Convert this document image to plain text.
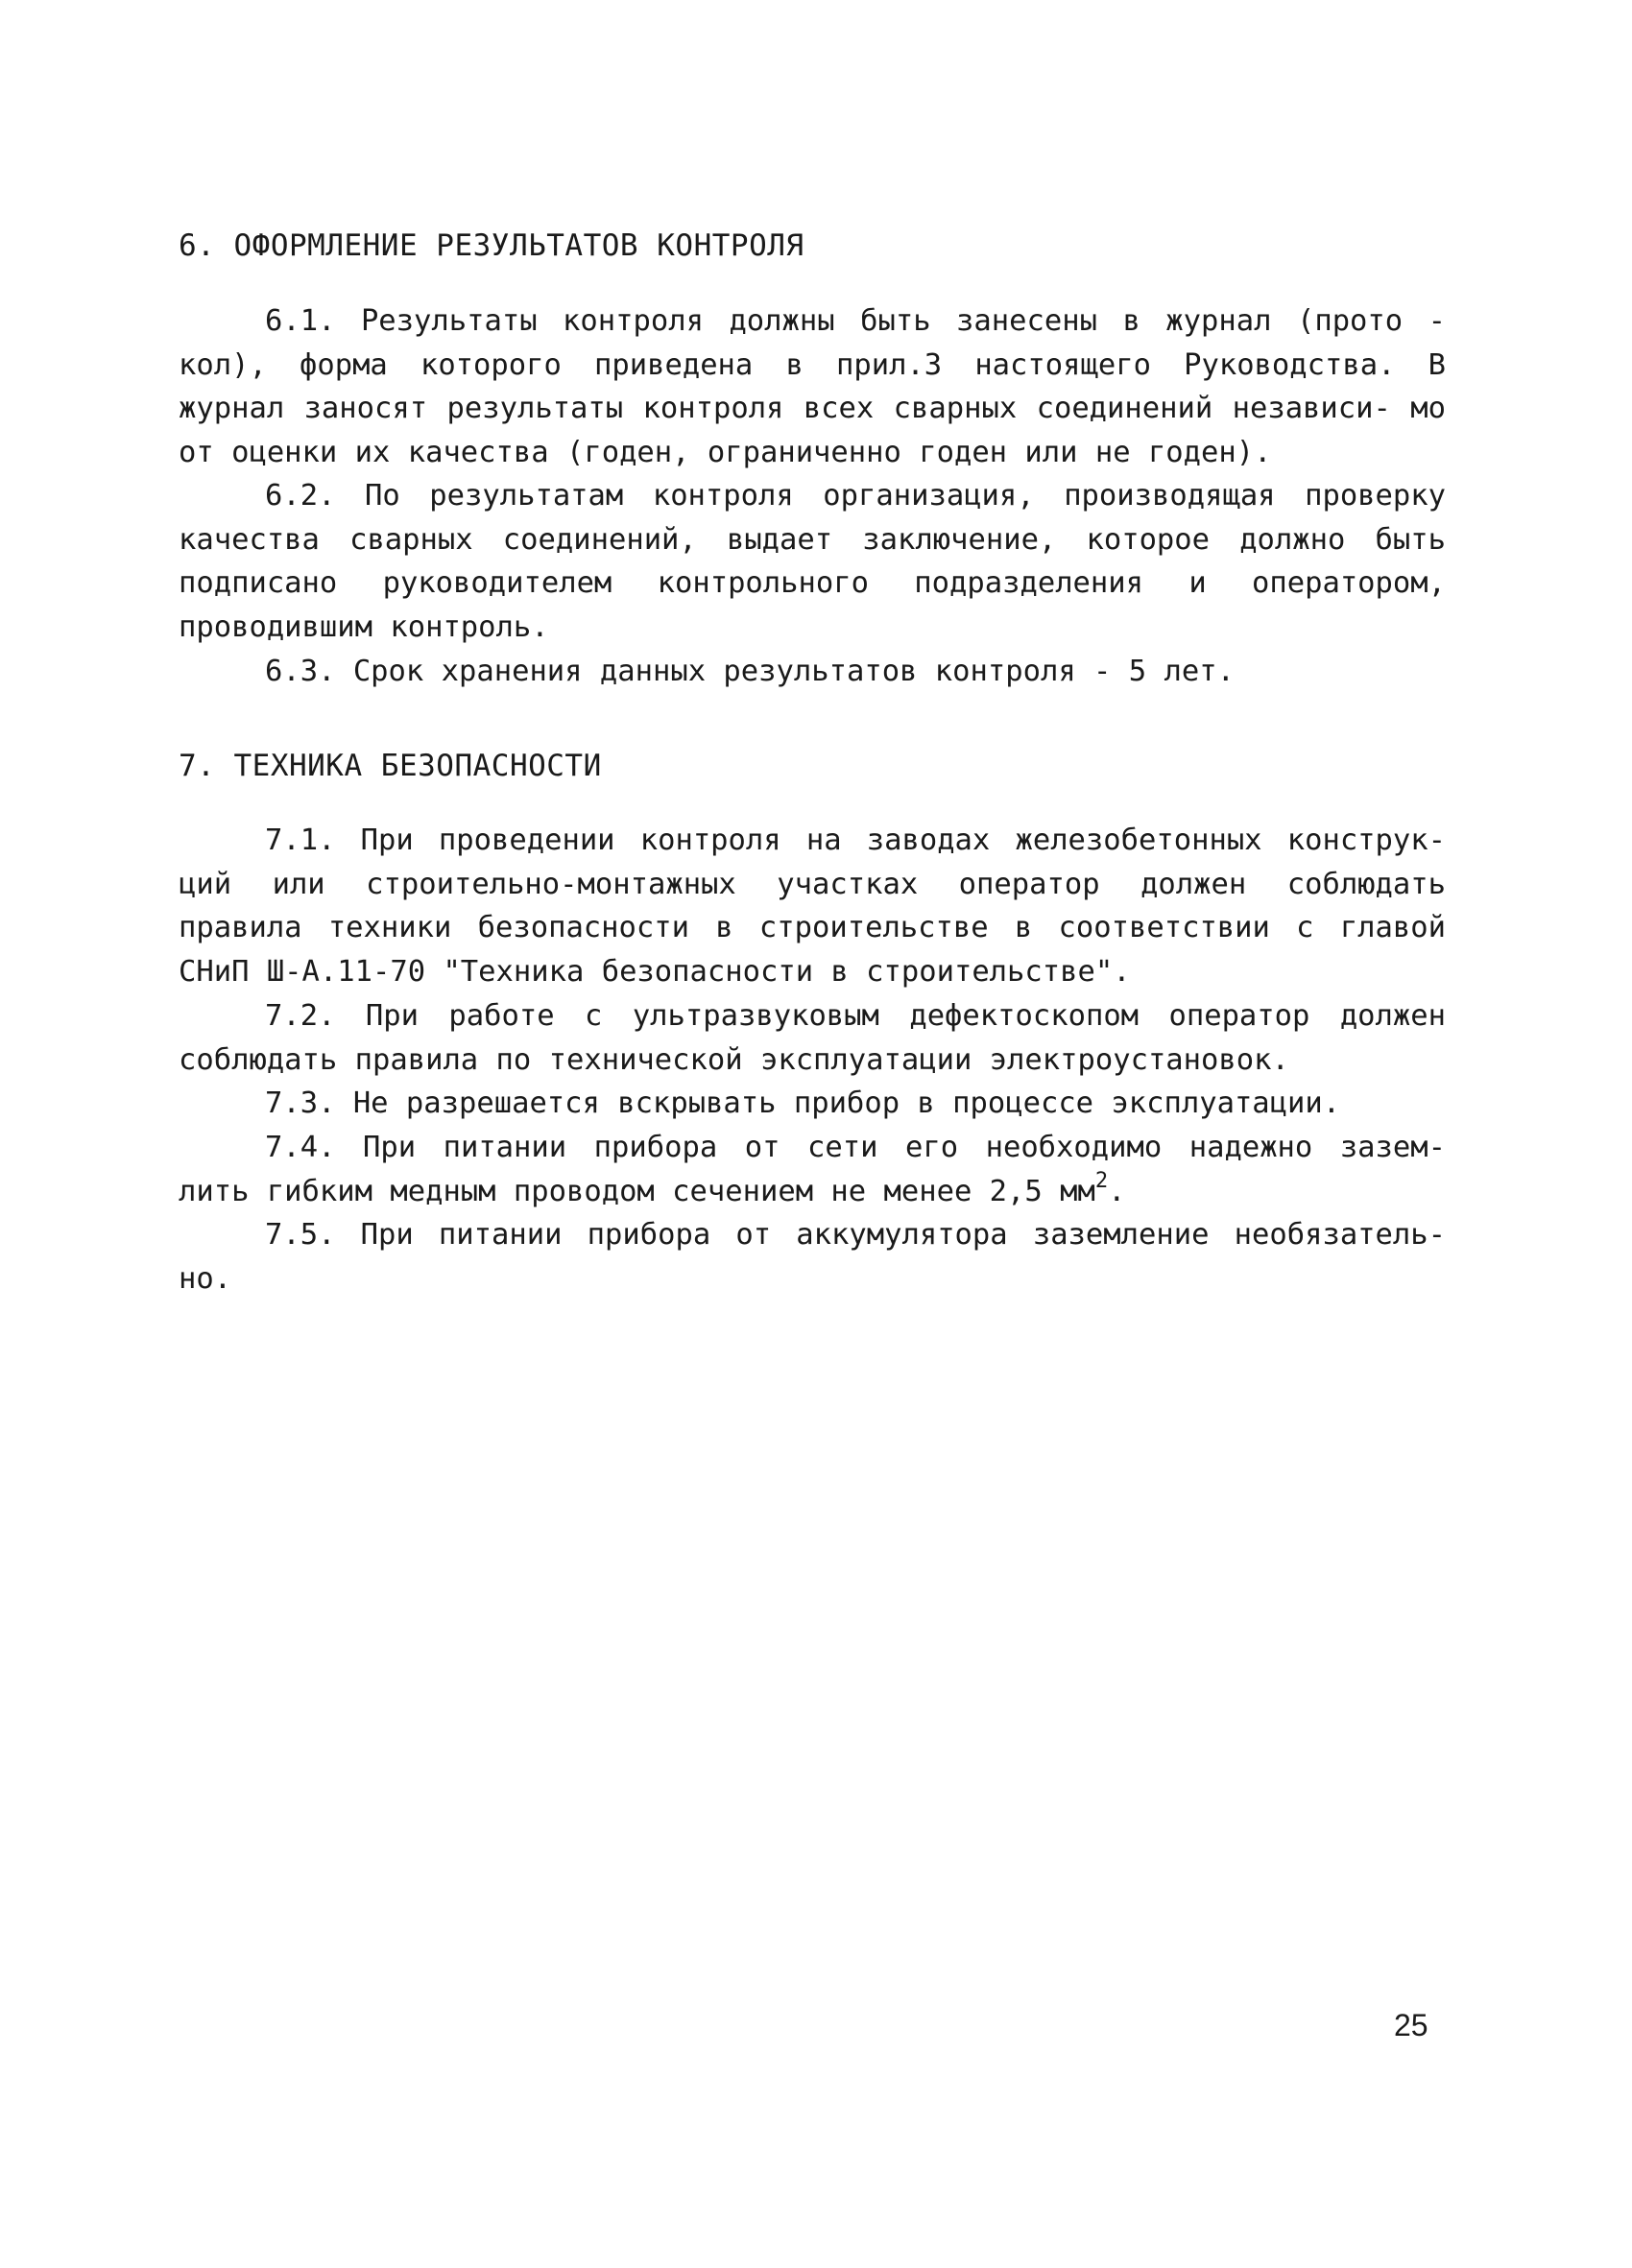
6. ОФОРМЛЕНИЕ РЕЗУЛЬТАТОВ КОНТРОЛЯ

6.1. Результаты контроля должны быть занесены в журнал (прото - кол), форма которого приведена в прил.3 настоящего Руководства. В журнал заносят результаты контроля всех сварных соединений независи- мо от оценки их качества (годен, ограниченно годен или не годен).

6.2. По результатам контроля организация, производящая проверку качества сварных соединений, выдает заключение, которое должно быть подписано руководителем контрольного подразделения и оператором, проводившим контроль.

6.3. Срок хранения данных результатов контроля - 5 лет.

7. ТЕХНИКА БЕЗОПАСНОСТИ

7.1. При проведении контроля на заводах железобетонных конструк- ций или строительно-монтажных участках оператор должен соблюдать правила техники безопасности в строительстве в соответствии с главой СНиП Ш-А.11-70 "Техника безопасности в строительстве".

7.2. При работе с ультразвуковым дефектоскопом оператор должен соблюдать правила по технической эксплуатации электроустановок.

7.3. Не разрешается вскрывать прибор в процессе эксплуатации.

7.4. При питании прибора от сети его необходимо надежно зазем- лить гибким медным проводом сечением не менее 2,5 $мм^2$.

7.5. При питании прибора от аккумулятора заземление необязатель- но.

25
